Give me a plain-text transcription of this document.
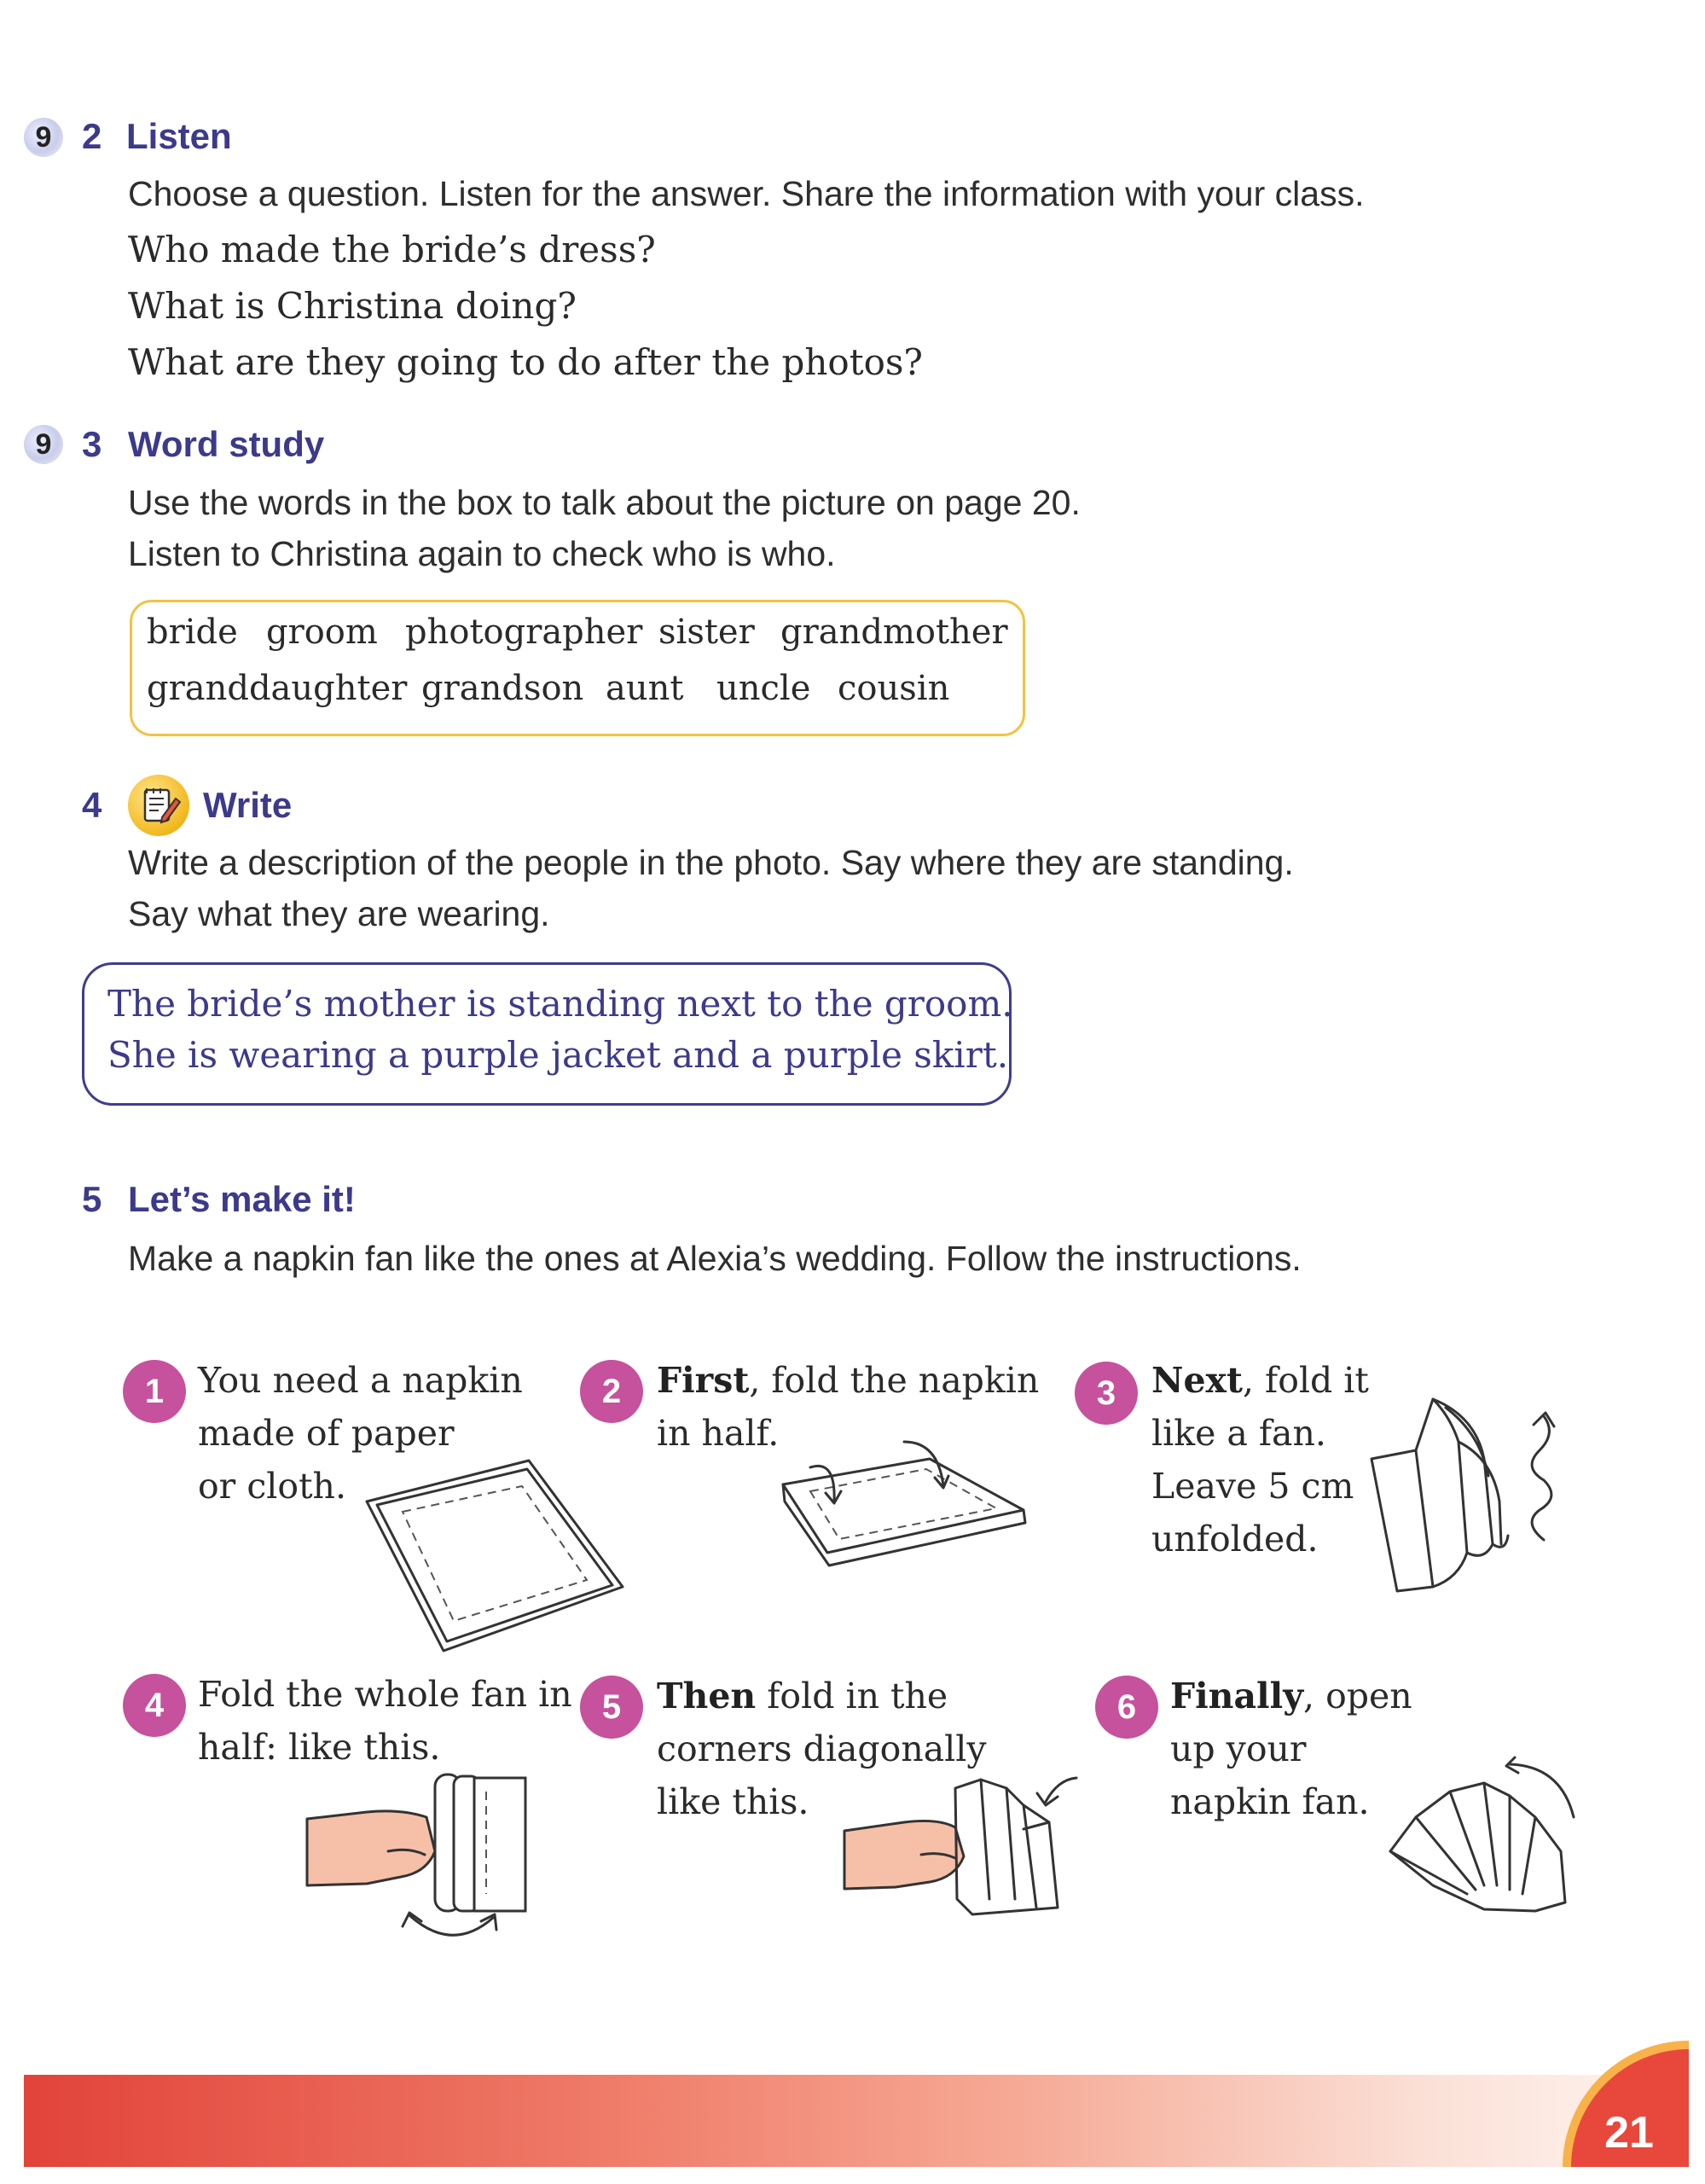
9 2 Listen
Choose a question. Listen for the answer. Share the information with your class.
Who made the bride’s dress?
What is Christina doing?
What are they going to do after the photos?
9 3 Word study
Use the words in the box to talk about the picture on page 20.
Listen to Christina again to check who is who.
bride groom photographer sister grandmother
granddaughter grandson aunt uncle cousin
4	Write
Write a description of the people in the photo. Say where they are standing.
Say what they are wearing.
The bride’s mother is standing next to the groom.
She is wearing a purple jacket and a purple skirt.
5 Let’s make it!
Make a napkin fan like the ones at Alexia’s wedding. Follow the instructions.
1 You need a napkin
made of paper
or cloth.
2	First, fold the napkin
in half.
3	Next, fold it
like a fan.
Leave 5 cm
unfolded.
4 Fold the whole fan in
half: like this.
5	Then fold in the
corners diagonally
like this.
6 Finally, open
up your
napkin fan.
21
